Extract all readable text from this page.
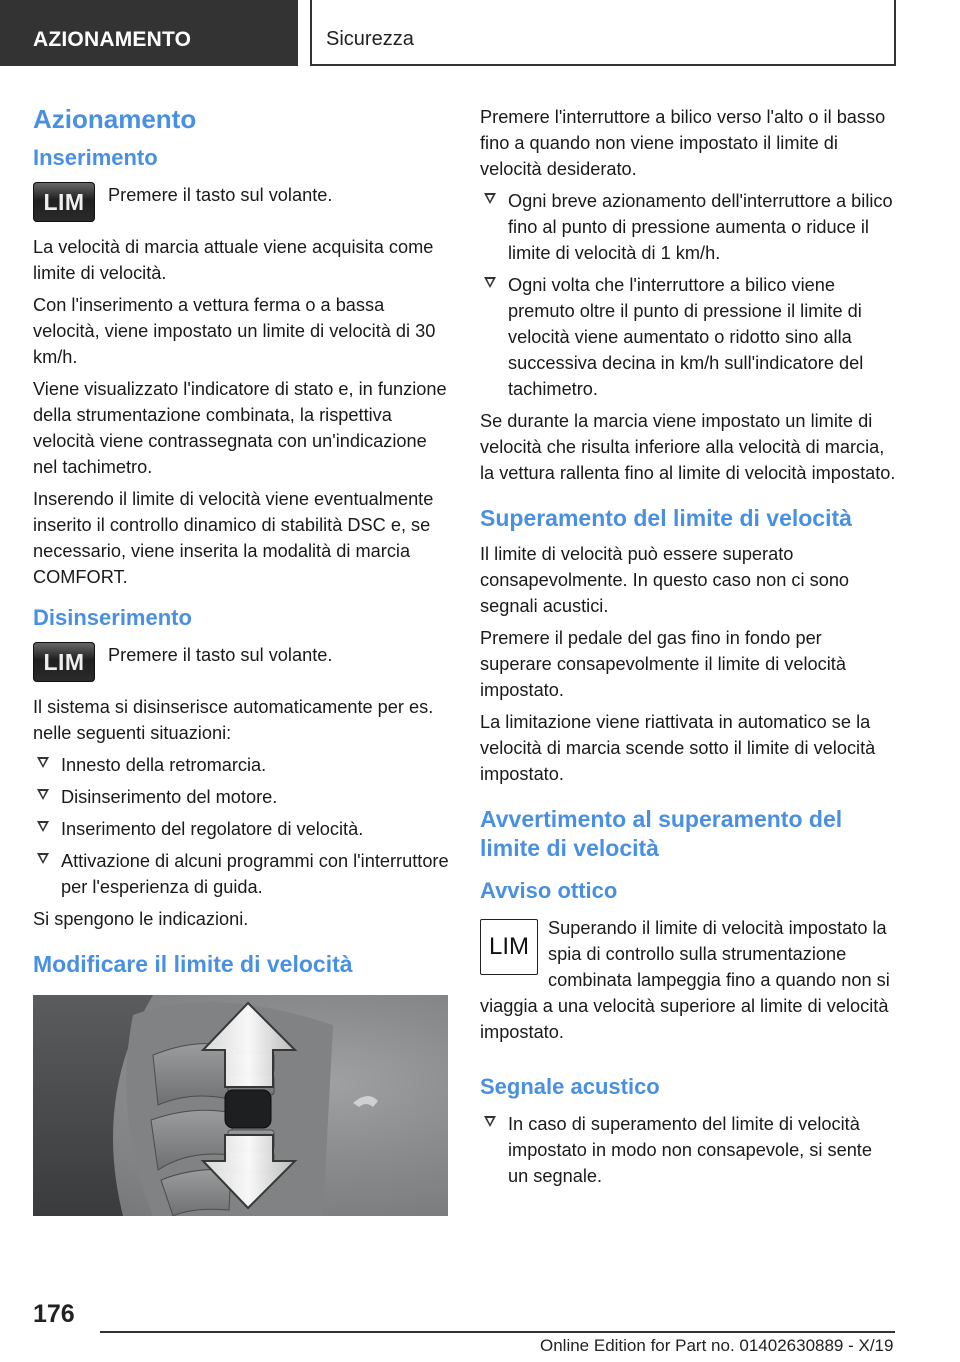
AZIONAMENTO	Sicurezza
Azionamento
Inserimento
LIM	Premere il tasto sul volante.

La velocità di marcia attuale viene acquisita come limite di velocità.

Con l'inserimento a vettura ferma o a bassa velocità, viene impostato un limite di velocità di 30 km/h.

Viene visualizzato l'indicatore di stato e, in funzione della strumentazione combinata, la rispettiva velocità viene contrassegnata con un'indicazione nel tachimetro.

Inserendo il limite di velocità viene eventualmente inserito il controllo dinamico di stabilità DSC e, se necessario, viene inserita la modalità di marcia COMFORT.

Disinserimento
LIM	Premere il tasto sul volante.

Il sistema si disinserisce automaticamente per es. nelle seguenti situazioni:

Innesto della retromarcia.
Disinserimento del motore.
Inserimento del regolatore di velocità.
Attivazione di alcuni programmi con l'interruttore per l'esperienza di guida.

Si spengono le indicazioni.

Modificare il limite di velocità

Premere l'interruttore a bilico verso l'alto o il basso fino a quando non viene impostato il limite di velocità desiderato.

Ogni breve azionamento dell'interruttore a bilico fino al punto di pressione aumenta o riduce il limite di velocità di 1 km/h.
Ogni volta che l'interruttore a bilico viene premuto oltre il punto di pressione il limite di velocità viene aumentato o ridotto sino alla successiva decina in km/h sull'indicatore del tachimetro.

Se durante la marcia viene impostato un limite di velocità che risulta inferiore alla velocità di marcia, la vettura rallenta fino al limite di velocità impostato.

Superamento del limite di velocità

Il limite di velocità può essere superato consapevolmente. In questo caso non ci sono segnali acustici.

Premere il pedale del gas fino in fondo per superare consapevolmente il limite di velocità impostato.

La limitazione viene riattivata in automatico se la velocità di marcia scende sotto il limite di velocità impostato.

Avvertimento al superamento del limite di velocità
Avviso ottico
LIM

Superando il limite di velocità impostato la spia di controllo sulla strumentazione combinata lampeggia fino a quando non si viaggia a una velocità superiore al limite di velocità impostato.

Segnale acustico
In caso di superamento del limite di velocità impostato in modo non consapevole, si sente un segnale.
176
Online Edition for Part no. 01402630889 - X/19
